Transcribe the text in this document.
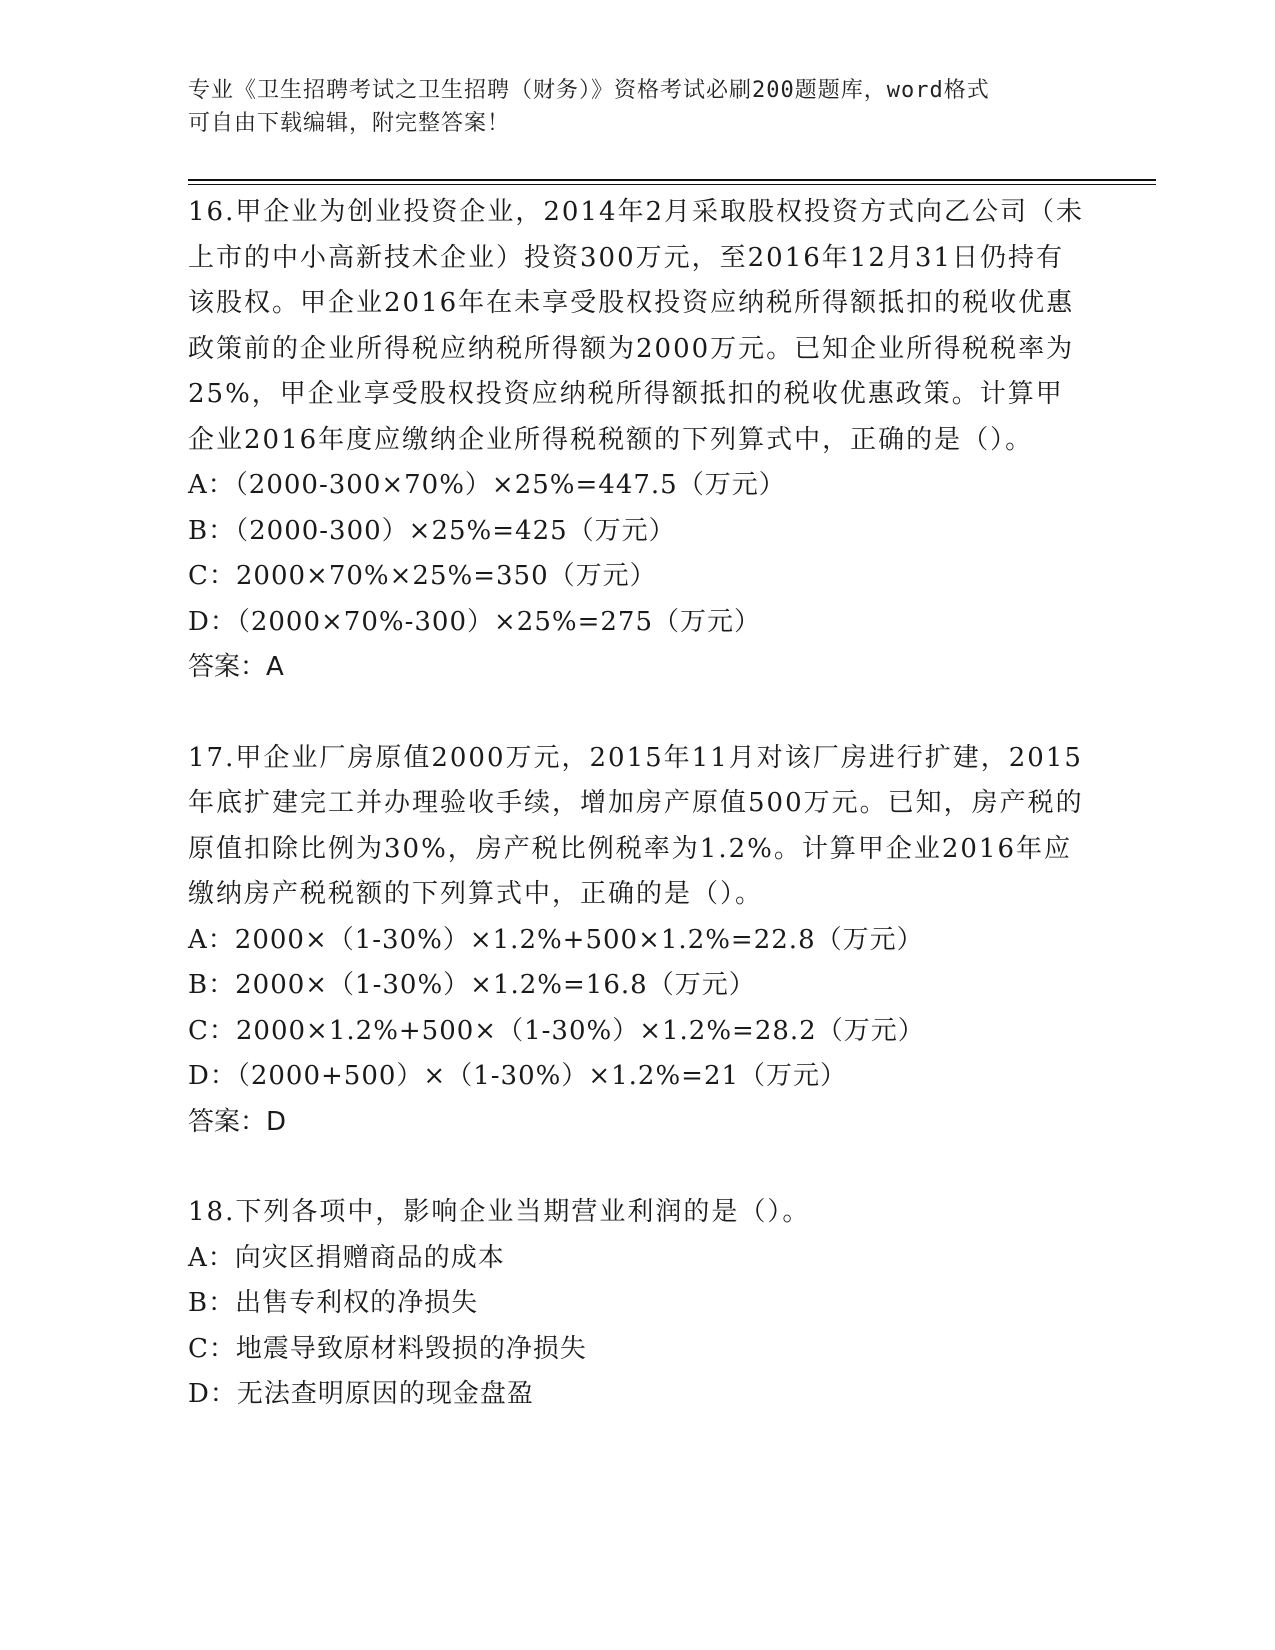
专业《卫生招聘考试之卫生招聘（财务）》资格考试必刷200题题库，word格式
可自由下载编辑，附完整答案！

16.甲企业为创业投资企业，2014年2月采取股权投资方式向乙公司（未上市的中小高新技术企业）投资300万元，至2016年12月31日仍持有该股权。甲企业2016年在未享受股权投资应纳税所得额抵扣的税收优惠政策前的企业所得税应纳税所得额为2000万元。已知企业所得税税率为25%，甲企业享受股权投资应纳税所得额抵扣的税收优惠政策。计算甲企业2016年度应缴纳企业所得税税额的下列算式中，正确的是（）。

A：（2000-300×70%）×25%=447.5（万元）

B：（2000-300）×25%=425（万元）

C：2000×70%×25%=350（万元）

D：（2000×70%-300）×25%=275（万元）

答案：A

17.甲企业厂房原值2000万元，2015年11月对该厂房进行扩建，2015年底扩建完工并办理验收手续，增加房产原值500万元。已知，房产税的原值扣除比例为30%，房产税比例税率为1.2%。计算甲企业2016年应缴纳房产税税额的下列算式中，正确的是（）。

A：2000×（1-30%）×1.2%+500×1.2%=22.8（万元）

B：2000×（1-30%）×1.2%=16.8（万元）

C：2000×1.2%+500×（1-30%）×1.2%=28.2（万元）

D：（2000+500）×（1-30%）×1.2%=21（万元）

答案：D

18.下列各项中，影响企业当期营业利润的是（）。

A：向灾区捐赠商品的成本

B：出售专利权的净损失

C：地震导致原材料毁损的净损失

D：无法查明原因的现金盘盈
